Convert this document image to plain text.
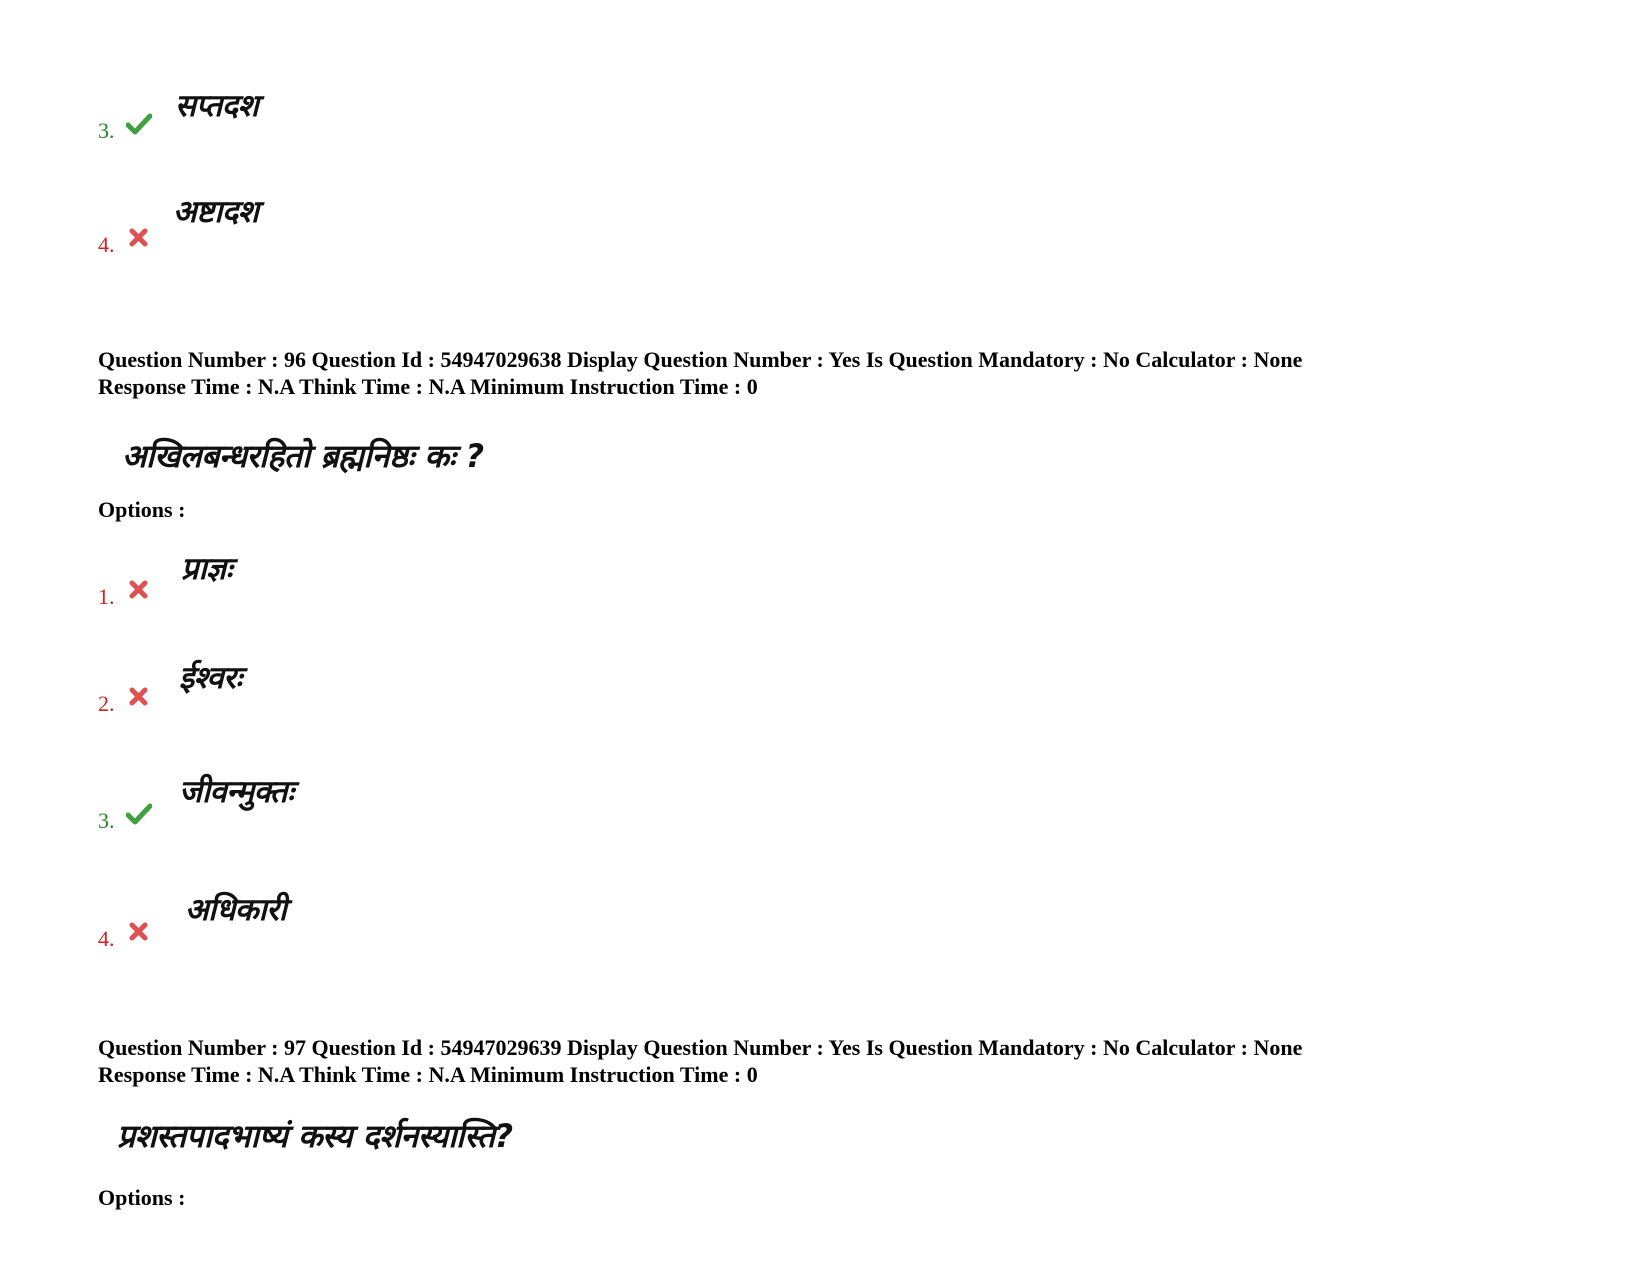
3.
सप्तदश
4.
अष्टादश
Question Number : 96 Question Id : 54947029638 Display Question Number : Yes Is Question Mandatory : No Calculator : None
Response Time : N.A Think Time : N.A Minimum Instruction Time : 0
अखिलबन्धरहितो ब्रह्मनिष्ठः कः ?
Options :
1.
प्राज्ञः
2.
ईश्वरः
3.
जीवन्मुक्तः
4.
अधिकारी
Question Number : 97 Question Id : 54947029639 Display Question Number : Yes Is Question Mandatory : No Calculator : None
Response Time : N.A Think Time : N.A Minimum Instruction Time : 0
प्रशस्तपादभाष्यं कस्य दर्शनस्यास्ति?
Options :
